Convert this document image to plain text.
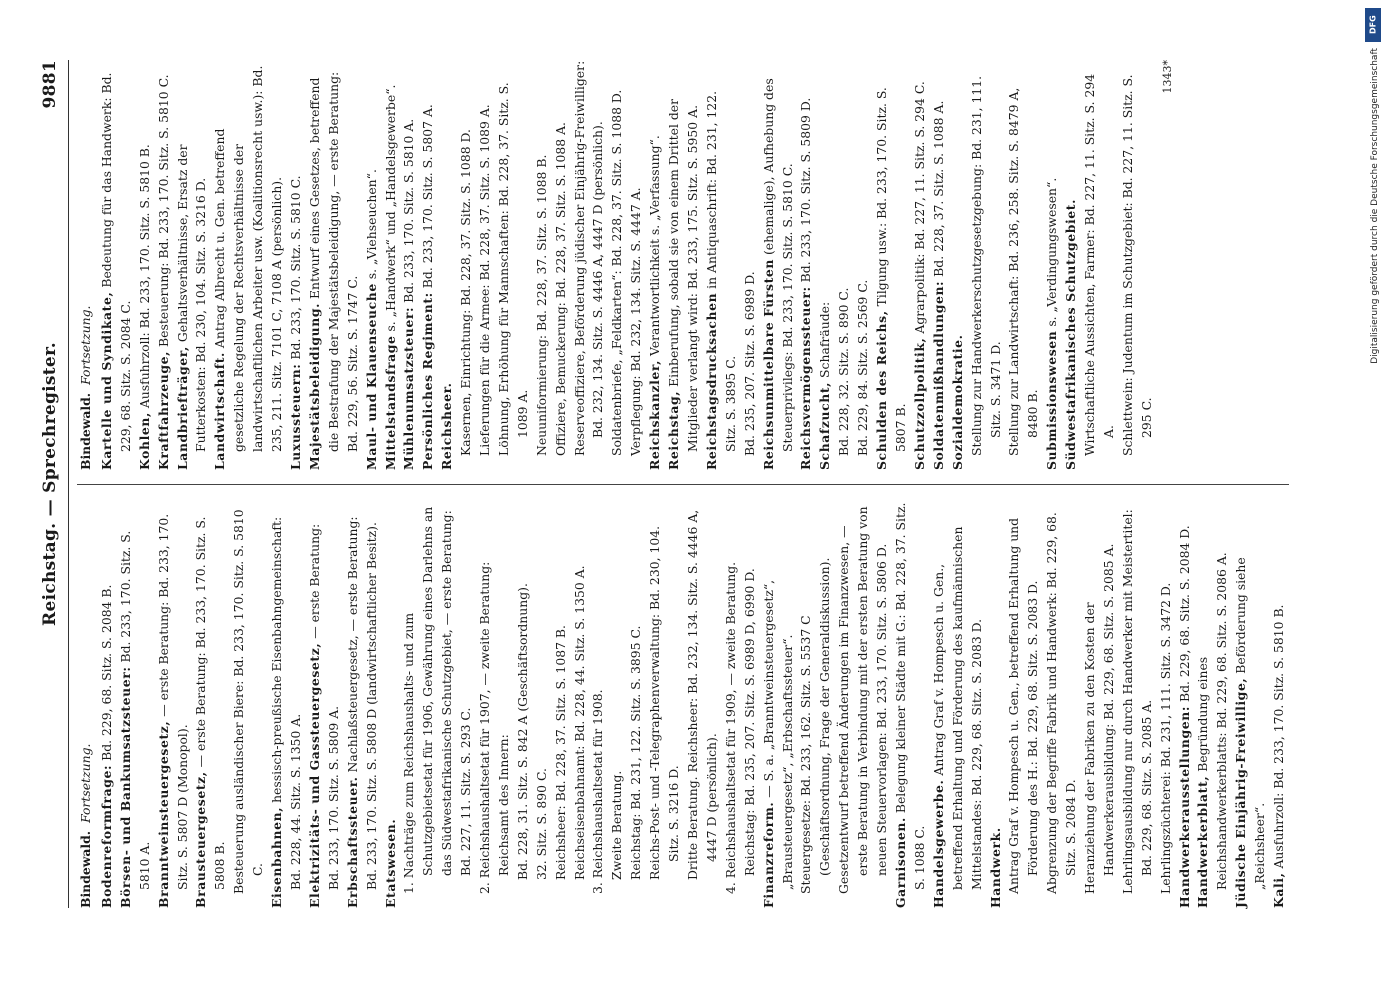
Reichstag. — Sprechregister.
9881
Bindewald.Fortsetzung. Bodenreformfrage: Bd. 229, 68. Sitz. S. 2084 B. Börsen- und Bankumsatzsteuer: Bd. 233, 170. Sitz. S. 5810 A. Branntweinsteuergesetz, — erste Beratung: Bd. 233, 170. Sitz. S. 5807 D (Monopol). Brausteuergesetz, — erste Beratung: Bd. 233, 170. Sitz. S. 5808 B. Besteuerung ausländischer Biere: Bd. 233, 170. Sitz. S. 5810 C. Eisenbahnen, hessisch-preußische Eisenbahngemeinschaft: Bd. 228, 44. Sitz. S. 1350 A. Elektrizitäts- und Gassteuergesetz, — erste Beratung: Bd. 233, 170. Sitz. S. 5809 A. Erbschaftssteuer. Nachlaßsteuergesetz, — erste Beratung: Bd. 233, 170. Sitz. S. 5808 D (landwirtschaftlicher Besitz). Etatswesen. 1. Nachträge zum Reichshaushalts- und zum Schutzgebietsetat für 1906, Gewährung eines Darlehns an das Südwestafrikanische Schutzgebiet, — erste Beratung: Bd. 227, 11. Sitz. S. 293 C. 2. Reichshaushaltsetat für 1907, — zweite Beratung: Reichsamt des Innern: Bd. 228, 31. Sitz. S. 842 A (Geschäftsordnung). 32. Sitz. S. 890 C. Reichsheer: Bd. 228, 37. Sitz. S. 1087 B. Reichseisenbahnamt: Bd. 228, 44. Sitz. S. 1350 A. 3. Reichshaushaltsetat für 1908. Zweite Beratung. Reichstag: Bd. 231, 122. Sitz. S. 3895 C. Reichs-Post- und -Telegraphenverwaltung: Bd. 230, 104. Sitz. S. 3216 D. Dritte Beratung. Reichsheer: Bd. 232, 134. Sitz. S. 4446 A, 4447 D (persönlich). 4. Reichshaushaltsetat für 1909, — zweite Beratung. Reichstag: Bd. 235, 207. Sitz. S. 6989 D, 6990 D. Finanzreform. — S. a. „Branntweinsteuergesetz“, „Brausteuergesetz“, „Erbschaftssteuer“. Steuergesetze: Bd. 233, 162. Sitz. S. 5537 C (Geschäftsordnung, Frage der Generaldiskussion). Gesetzentwurf betreffend Änderungen im Finanzwesen, — erste Beratung in Verbindung mit der ersten Beratung von neuen Steuervorlagen: Bd. 233, 170. Sitz. S. 5806 D. Garnisonen. Belegung kleiner Städte mit G.: Bd. 228, 37. Sitz. S. 1088 C. Handelsgewerbe. Antrag Graf v. Hompesch u. Gen., betreffend Erhaltung und Förderung des kaufmännischen Mittelstandes: Bd. 229, 68. Sitz. S. 2083 D. Handwerk. Antrag Graf v. Hompesch u. Gen., betreffend Erhaltung und Förderung des H.: Bd. 229, 68. Sitz. S. 2083 D. Abgrenzung der Begriffe Fabrik und Handwerk: Bd. 229, 68. Sitz. S. 2084 D. Heranziehung der Fabriken zu den Kosten der Handwerkerausbildung: Bd. 229, 68. Sitz. S. 2085 A. Lehrlingsausbildung nur durch Handwerker mit Meistertitel: Bd. 229, 68. Sitz. S. 2085 A. Lehrlingszüchterei: Bd. 231, 111. Sitz. S. 3472 D. Handwerkerausstellungen: Bd. 229, 68. Sitz. S. 2084 D.

Handwerkerblatt, Begründung eines Reichshandwerkerblatts: Bd. 229, 68. Sitz. S. 2086 A. Jüdische Einjährig-Freiwillige, Beförderung siehe „Reichsheer“.

Kali, Ausfuhrzoll: Bd. 233, 170. Sitz. S. 5810 B.

Bindewald.Fortsetzung. Kartelle und Syndikate, Bedeutung für das Handwerk: Bd. 229, 68. Sitz. S. 2084 C. Kohlen, Ausfuhrzoll: Bd. 233, 170. Sitz. S. 5810 B. Kraftfahrzeuge, Besteuerung: Bd. 233, 170. Sitz. S. 5810 C.

Landbriefträger, Gehaltsverhältnisse, Ersatz der Futterkosten: Bd. 230, 104. Sitz. S. 3216 D. Landwirtschaft. Antrag Albrecht u. Gen. betreffend gesetzliche Regelung der Rechtsverhältnisse der landwirtschaftlichen Arbeiter usw. (Koalitionsrecht usw.): Bd. 235, 211. Sitz. 7101 C, 7108 A (persönlich). Luxussteuern: Bd. 233, 170. Sitz. S. 5810 C.

Majestätsbeleidigung. Entwurf eines Gesetzes, betreffend die Bestrafung der Majestätsbeleidigung, — erste Beratung: Bd. 229, 56. Sitz. S. 1747 C. Maul- und Klauenseuche s. „Viehseuchen“.

Mittelstandsfrage s. „Handwerk“ und „Handelsgewerbe“.

Mühlenumsatzsteuer: Bd. 233, 170. Sitz. S. 5810 A.

Persönliches Regiment: Bd. 233, 170. Sitz. S. 5807 A.

Reichsheer. Kasernen, Einrichtung: Bd. 228, 37. Sitz. S. 1088 D. Lieferungen für die Armee: Bd. 228, 37. Sitz. S. 1089 A. Löhnung, Erhöhung für Mannschaften: Bd. 228, 37. Sitz. S. 1089 A. Neuuniformierung: Bd. 228, 37. Sitz. S. 1088 B. Offiziere, Bemuckerung: Bd. 228, 37. Sitz. S. 1088 A. Reserveoffiziere, Beförderung jüdischer Einjährig-Freiwilliger: Bd. 232, 134. Sitz. S. 4446 A, 4447 D (persönlich). Soldatenbriefe, „Feldkarten“: Bd. 228, 37. Sitz. S. 1088 D. Verpflegung: Bd. 232, 134. Sitz. S. 4447 A. Reichskanzler, Verantwortlichkeit s. „Verfassung“.

Reichstag, Einberufung, sobald sie von einem Drittel der Mitglieder verlangt wird: Bd. 233, 175. Sitz. S. 5950 A. Reichstagsdrucksachen in Antiquaschrift: Bd. 231, 122. Sitz. S. 3895 C. Bd. 235, 207. Sitz. S. 6989 D. Reichsunmittelbare Fürsten (ehemalige), Aufhebung des Steuerprivilegs: Bd. 233, 170. Sitz. S. 5810 C. Reichsvermögenssteuer: Bd. 233, 170. Sitz. S. 5809 D.

Schafzucht, Schafräude: Bd. 228, 32. Sitz. S. 890 C. Bd. 229, 84. Sitz. S. 2569 C. Schulden des Reichs, Tilgung usw.: Bd. 233, 170. Sitz. S. 5807 B. Schutzzollpolitik, Agrarpolitik: Bd. 227, 11. Sitz. S. 294 C.

Soldatenmißhandlungen: Bd. 228, 37. Sitz. S. 1088 A.

Sozialdemokratie. Stellung zur Handwerkerschutzgesetzgebung: Bd. 231, 111. Sitz. S. 3471 D. Stellung zur Landwirtschaft: Bd. 236, 258. Sitz. S. 8479 A, 8480 B. Submissionswesen s. „Verdingungswesen“. Südwestafrikanisches Schutzgebiet. Wirtschaftliche Aussichten, Farmer: Bd. 227, 11. Sitz. S. 294 A. Schlettwein: Judentum im Schutzgebiet: Bd. 227, 11. Sitz. S. 295 C.

1343*
DFG
Digitalisierung gefördert durch die Deutsche Forschungsgemeinschaft
